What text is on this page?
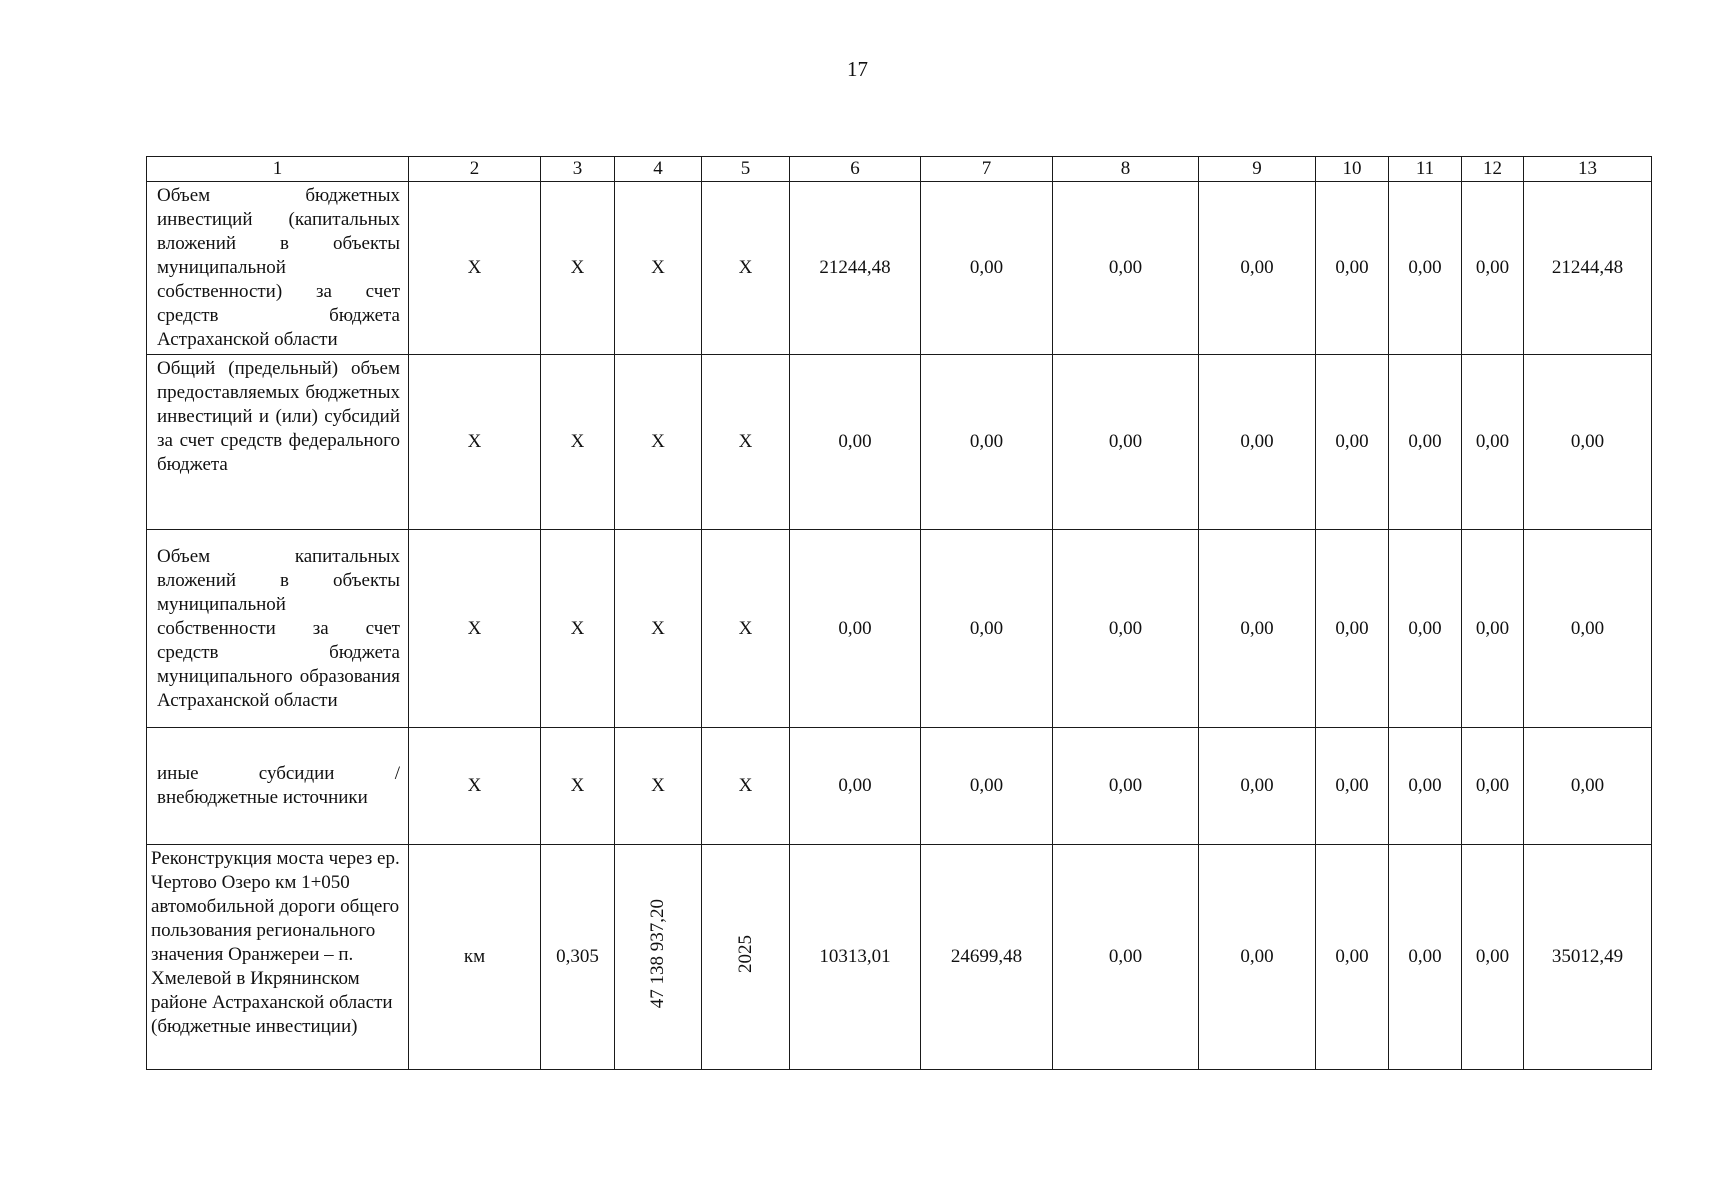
17
1	2	3	4	5	6	7	8	9	10	11	12	13
Объем бюджетных инвестиций (капитальных вложений в объекты муниципальной собственности) за счет средств бюджета Астраханской области	Х	Х	Х	Х	21244,48	0,00	0,00	0,00	0,00	0,00	0,00	21244,48
Общий (предельный) объем предоставляемых бюджетных инвестиций и (или) субсидий за счет средств федерального бюджета	Х	Х	Х	Х	0,00	0,00	0,00	0,00	0,00	0,00	0,00	0,00
Объем капитальных вложений в объекты муниципальной собственности за счет средств бюджета муниципального образования Астраханской области	Х	Х	Х	Х	0,00	0,00	0,00	0,00	0,00	0,00	0,00	0,00
иные субсидии / внебюджетные источники	Х	Х	Х	Х	0,00	0,00	0,00	0,00	0,00	0,00	0,00	0,00
Реконструкция моста через ер. Чертово Озеро км 1+050 автомобильной дороги общего пользования регионального значения Оранжереи – п. Хмелевой в Икрянинском районе Астраханской области (бюджетные инвестиции)	км	0,305	47 138 937,20	2025	10313,01	24699,48	0,00	0,00	0,00	0,00	0,00	35012,49
